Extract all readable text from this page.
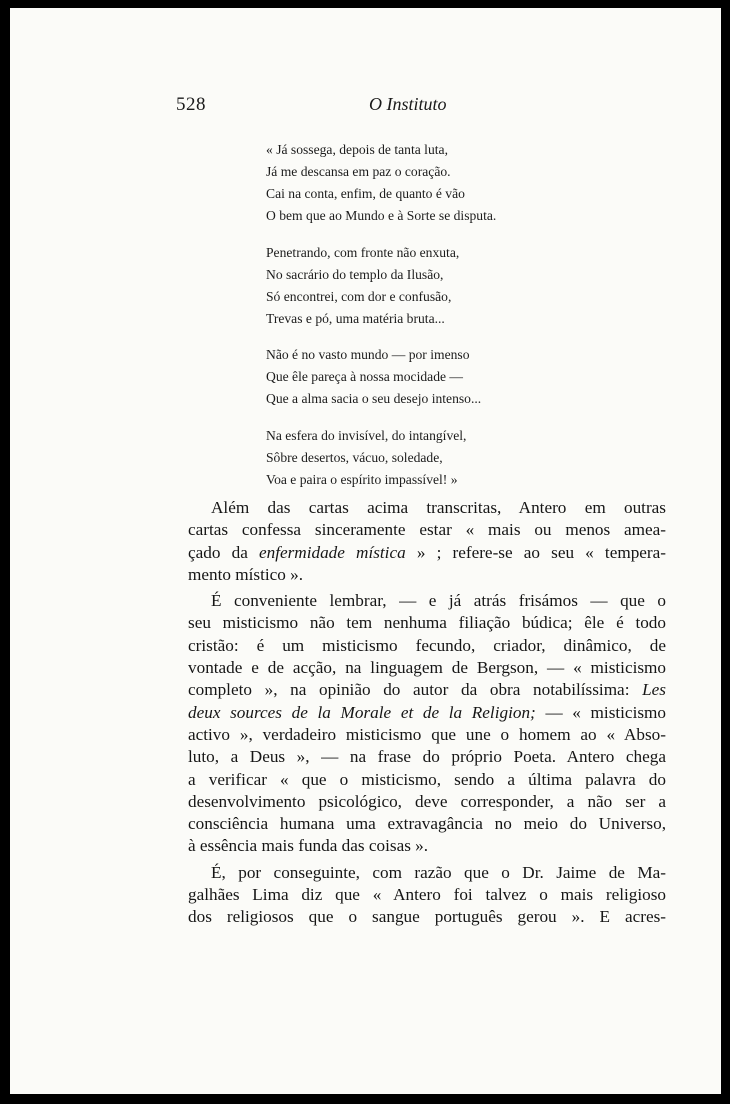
528	O Instituto
« Já sossega, depois de tanta luta,
Já me descansa em paz o coração.
Cai na conta, enfim, de quanto é vão
O bem que ao Mundo e à Sorte se disputa.
Penetrando, com fronte não enxuta,
No sacrário do templo da Ilusão,
Só encontrei, com dor e confusão,
Trevas e pó, uma matéria bruta...
Não é no vasto mundo — por imenso
Que êle pareça à nossa mocidade —
Que a alma sacia o seu desejo intenso...
Na esfera do invisível, do intangível,
Sôbre desertos, vácuo, soledade,
Voa e paira o espírito impassível! »

Além das cartas acima transcritas, Antero em outras
cartas confessa sinceramente estar « mais ou menos amea-
çado da enfermidade mística » ; refere-se ao seu « tempera-
mento místico ».

É conveniente lembrar, — e já atrás frisámos — que o
seu misticismo não tem nenhuma filiação búdica; êle é todo
cristão: é um misticismo fecundo, criador, dinâmico, de
vontade e de acção, na linguagem de Bergson, — « misticismo
completo », na opinião do autor da obra notabilíssima: Les
deux sources de la Morale et de la Religion; — « misticismo
activo », verdadeiro misticismo que une o homem ao « Abso-
luto, a Deus », — na frase do próprio Poeta. Antero chega
a verificar « que o misticismo, sendo a última palavra do
desenvolvimento psicológico, deve corresponder, a não ser a
consciência humana uma extravagância no meio do Universo,
à essência mais funda das coisas ».

É, por conseguinte, com razão que o Dr. Jaime de Ma-
galhães Lima diz que « Antero foi talvez o mais religioso
dos religiosos que o sangue português gerou ». E acres-
